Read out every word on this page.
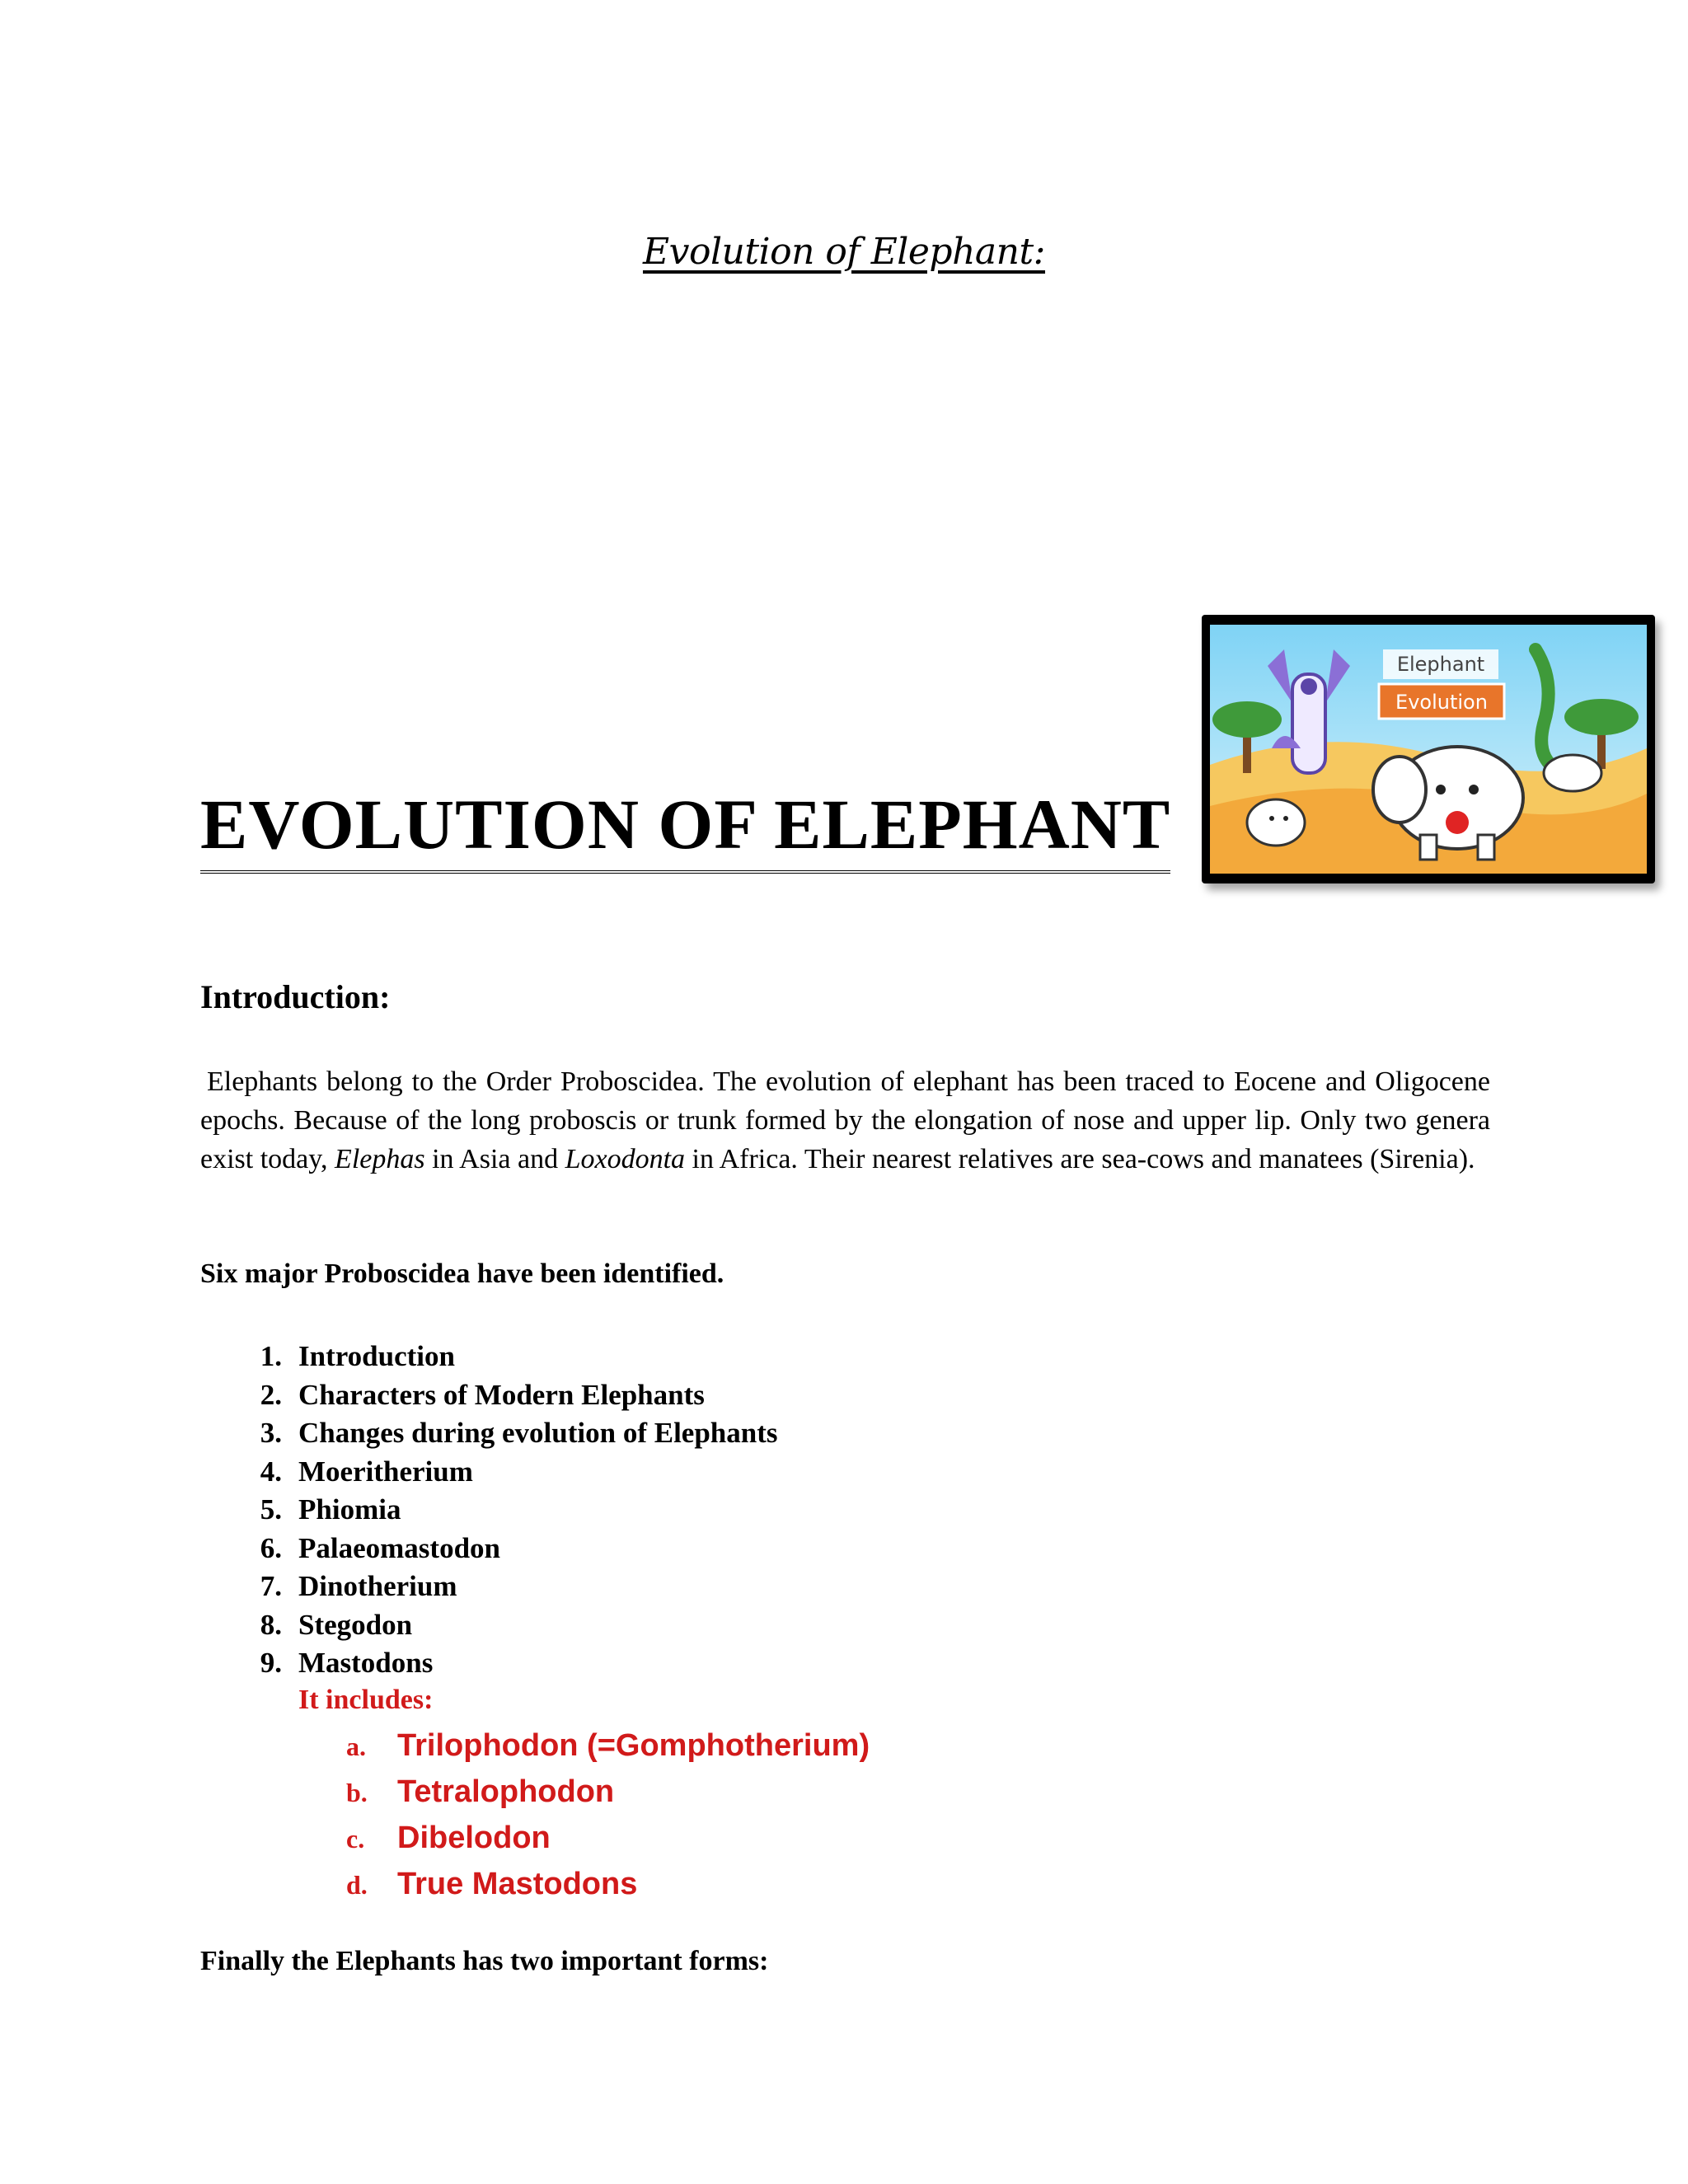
Evolution of Elephant:
EVOLUTION OF ELEPHANT
Elephant
Evolution
Introduction:

Elephants belong to the Order Proboscidea. The evolution of elephant has been traced to Eocene and Oligocene epochs. Because of the long proboscis or trunk formed by the elongation of nose and upper lip. Only two genera exist today, Elephas in Asia and Loxodonta in Africa. Their nearest relatives are sea-cows and manatees (Sirenia).

Six major Proboscidea have been identified.
1. Introduction
2. Characters of Modern Elephants
3. Changes during evolution of Elephants
4. Moeritherium
5. Phiomia
6. Palaeomastodon
7. Dinotherium
8. Stegodon
9. Mastodons
It includes:
a.	Trilophodon (=Gomphotherium)
b. Tetralophodon
c.	Dibelodon
d. True Mastodons
Finally the Elephants has two important forms:
